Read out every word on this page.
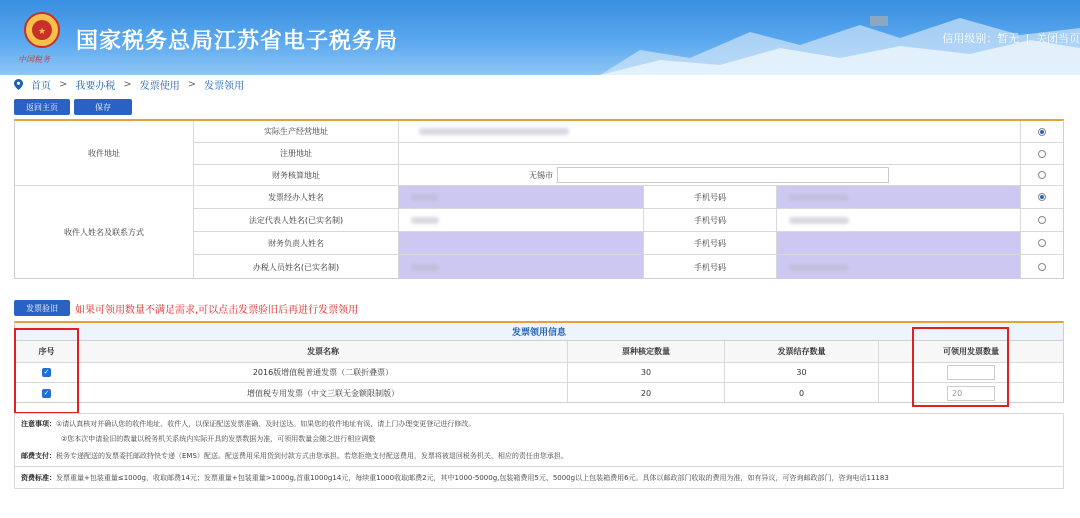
★
中国税务
国家税务总局江苏省电子税务局	信用级别：暂无 | 关闭当页
首页 > 我要办税 > 发票使用 > 发票领用
返回主页	保存
收件地址
实际生产经营地址
注册地址
财务核算地址	无锡市
收件人姓名及联系方式
发票经办人姓名	手机号码
法定代表人姓名(已实名制)	手机号码
财务负责人姓名	手机号码
办税人员姓名(已实名制)	手机号码
发票验旧	如果可领用数量不满足需求,可以点击发票验旧后再进行发票领用
发票领用信息
序号	发票名称	票种核定数量	发票结存数量	可领用发票数量
✓	2016版增值税普通发票（二联折叠票）	30	30
✓	增值税专用发票（中文三联无金额限制版）	20	0	20
注意事项：①请认真核对并确认您的收件地址、收件人，以保证配送发票准确、及时送达。如果您的收件地址有误，请上门办理变更登记进行修改。
②您本次申请验旧的数量以税务机关系统内实际开具的发票数据为准，可领用数量会随之进行相应调整
邮费支付：税务专递配送的发票委托邮政特快专递（EMS）配送。配送费用采用货到付款方式由您承担。若您拒绝支付配送费用，发票将被退回税务机关，相应的责任由您承担。
资费标准：发票重量+包装重量≤1000g，收取邮费14元；发票重量+包装重量>1000g,首重1000g14元，每续重1000收取邮费2元，其中1000-5000g,包装箱费用5元、5000g以上包装箱费用6元。具体以邮政部门收取的费用为准，如有异议，可咨询邮政部门，咨询电话11183
